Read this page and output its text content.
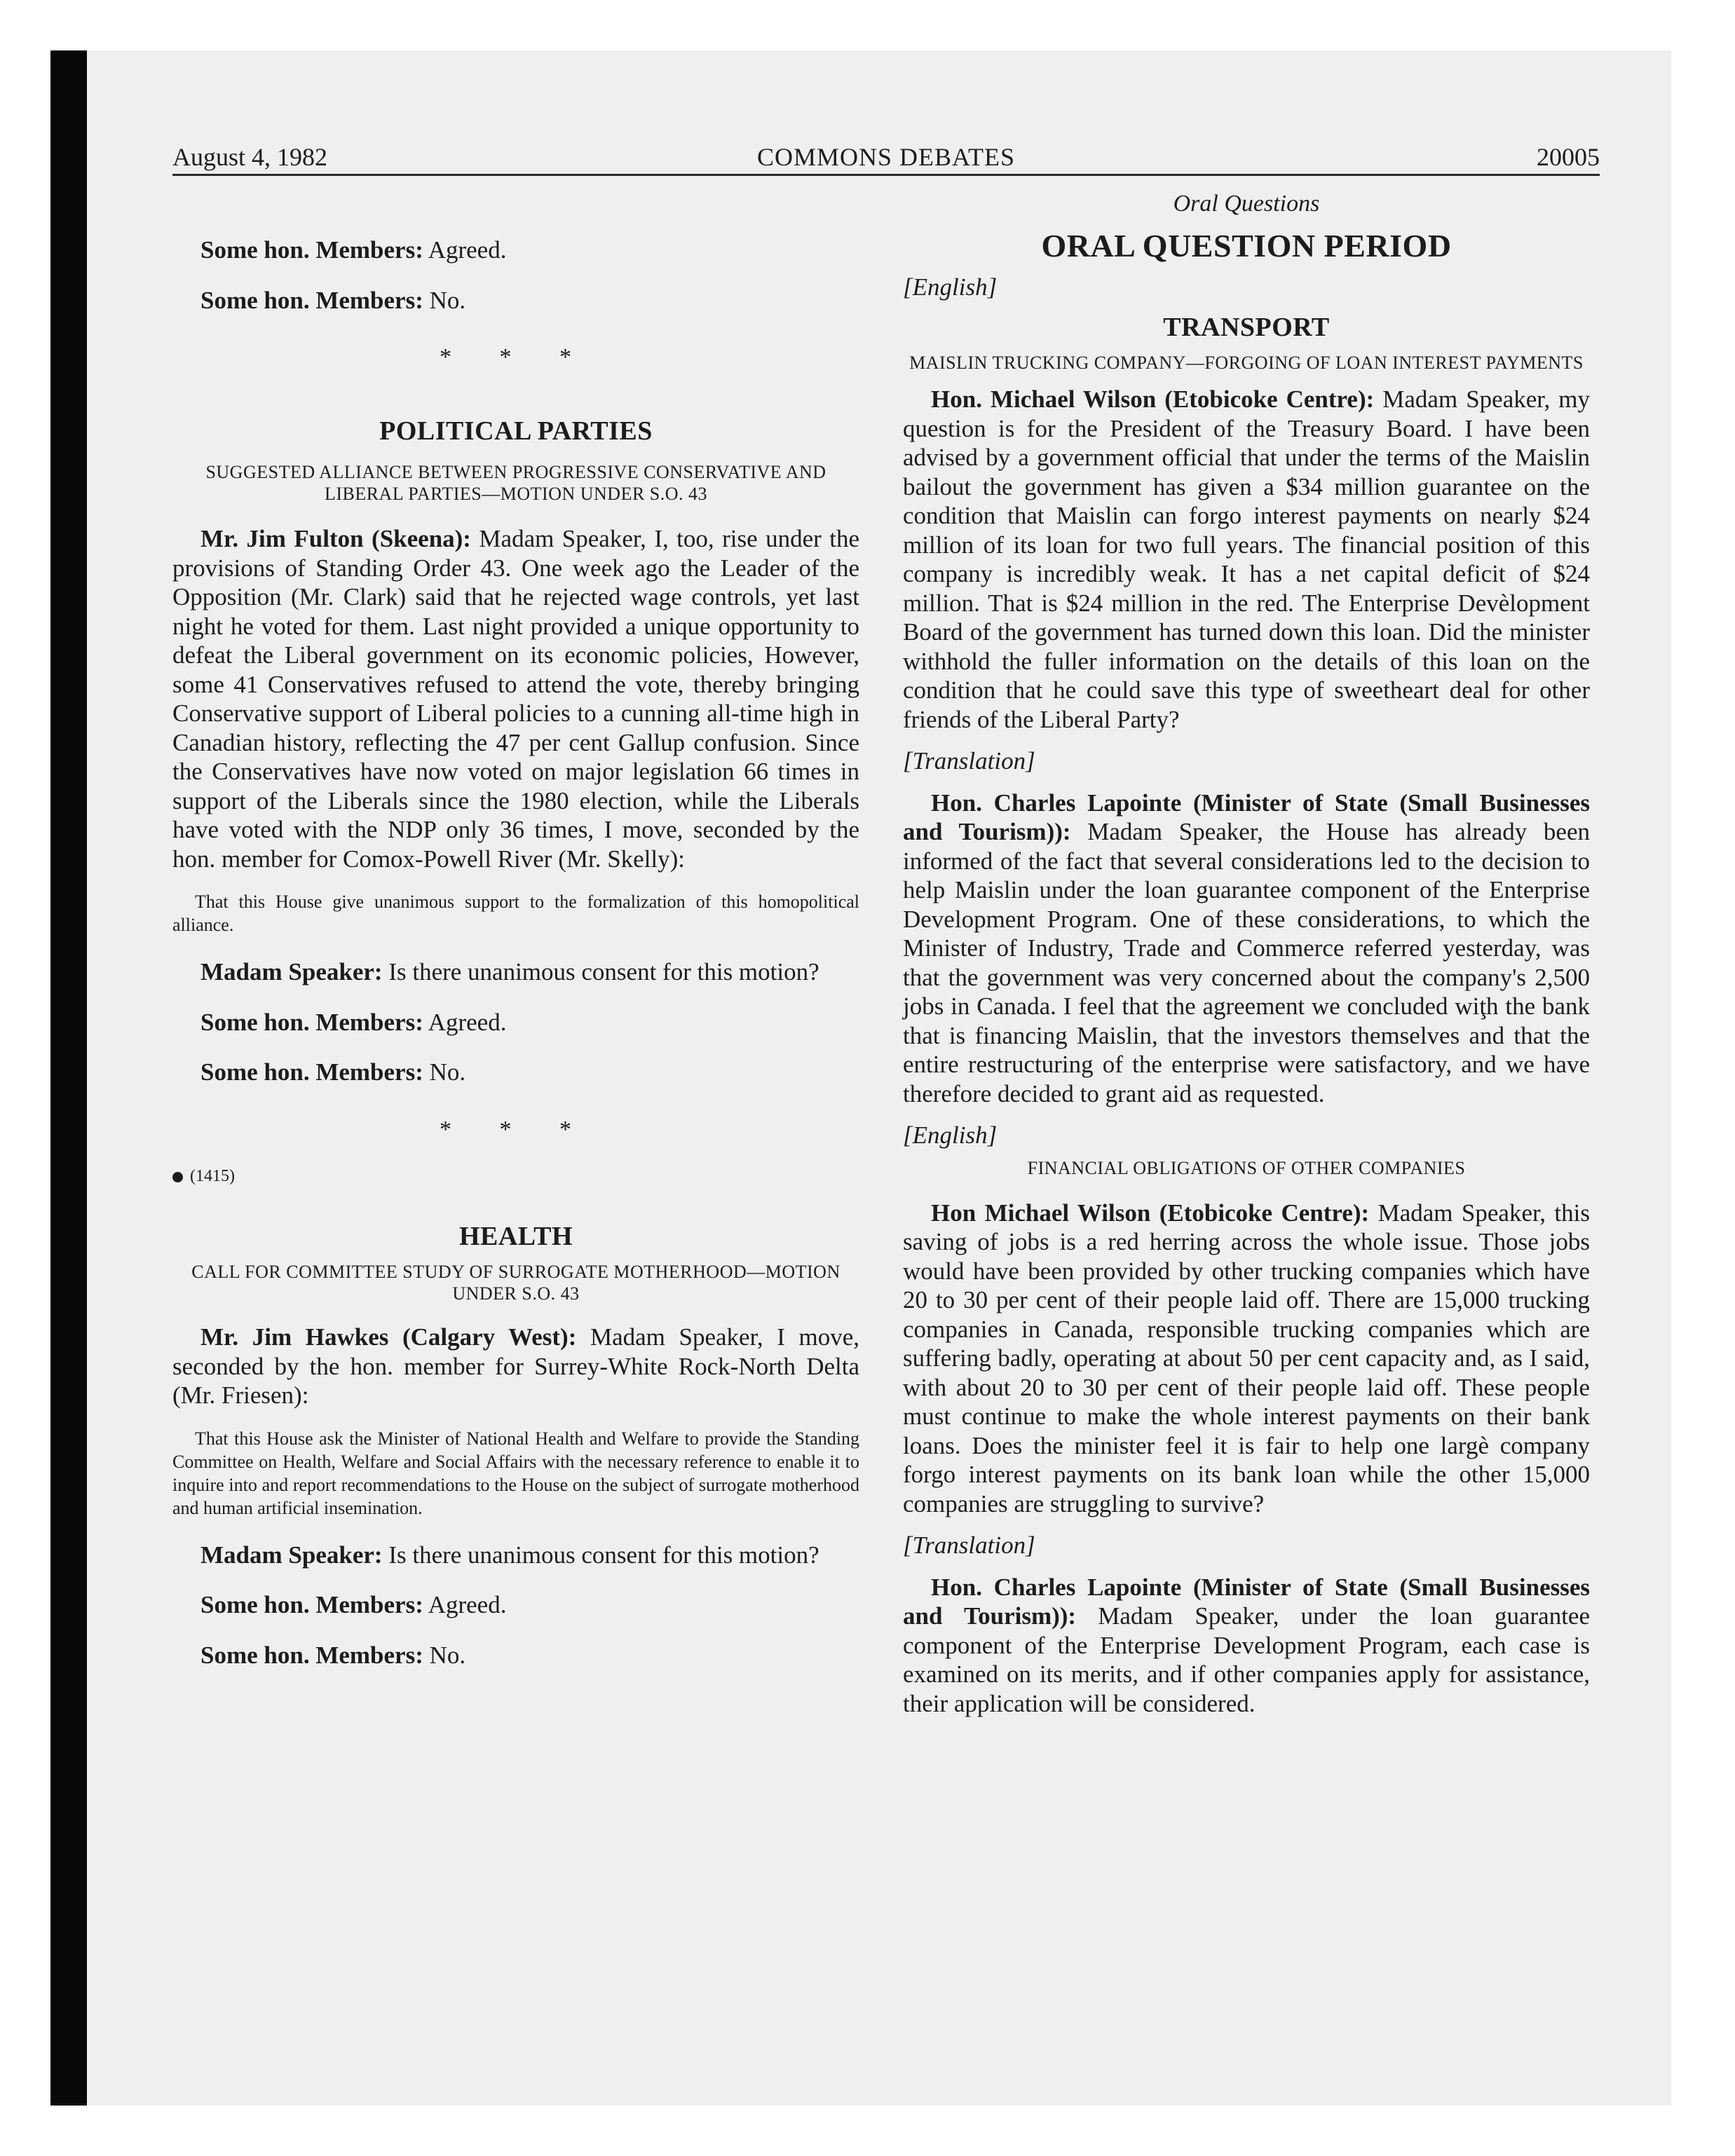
August 4, 1982	COMMONS DEBATES	20005

Some hon. Members: Agreed.

Some hon. Members: No.

* * *
POLITICAL PARTIES
SUGGESTED ALLIANCE BETWEEN PROGRESSIVE CONSERVATIVE AND LIBERAL PARTIES—MOTION UNDER S.O. 43

Mr. Jim Fulton (Skeena): Madam Speaker, I, too, rise under the provisions of Standing Order 43. One week ago the Leader of the Opposition (Mr. Clark) said that he rejected wage controls, yet last night he voted for them. Last night provided a unique opportunity to defeat the Liberal government on its economic policies, However, some 41 Conservatives refused to attend the vote, thereby bringing Conservative support of Liberal policies to a cunning all-time high in Canadian history, reflecting the 47 per cent Gallup confusion. Since the Conservatives have now voted on major legislation 66 times in support of the Liberals since the 1980 election, while the Liberals have voted with the NDP only 36 times, I move, seconded by the hon. member for Comox-Powell River (Mr. Skelly):

That this House give unanimous support to the formalization of this homopolitical alliance.

Madam Speaker: Is there unanimous consent for this motion?

Some hon. Members: Agreed.

Some hon. Members: No.

* * *
(1415)
HEALTH
CALL FOR COMMITTEE STUDY OF SURROGATE MOTHERHOOD—MOTION UNDER S.O. 43

Mr. Jim Hawkes (Calgary West): Madam Speaker, I move, seconded by the hon. member for Surrey-White Rock-North Delta (Mr. Friesen):

That this House ask the Minister of National Health and Welfare to provide the Standing Committee on Health, Welfare and Social Affairs with the necessary reference to enable it to inquire into and report recommendations to the House on the subject of surrogate motherhood and human artificial insemination.

Madam Speaker: Is there unanimous consent for this motion?

Some hon. Members: Agreed.

Some hon. Members: No.

Oral Questions
ORAL QUESTION PERIOD
[English]
TRANSPORT
MAISLIN TRUCKING COMPANY—FORGOING OF LOAN INTEREST PAYMENTS

Hon. Michael Wilson (Etobicoke Centre): Madam Speaker, my question is for the President of the Treasury Board. I have been advised by a government official that under the terms of the Maislin bailout the government has given a $34 million guarantee on the condition that Maislin can forgo interest payments on nearly $24 million of its loan for two full years. The financial position of this company is incredibly weak. It has a net capital deficit of $24 million. That is $24 million in the red. The Enterprise Devèlopment Board of the government has turned down this loan. Did the minister withhold the fuller information on the details of this loan on the condition that he could save this type of sweetheart deal for other friends of the Liberal Party?

[Translation]

Hon. Charles Lapointe (Minister of State (Small Businesses and Tourism)): Madam Speaker, the House has already been informed of the fact that several considerations led to the decision to help Maislin under the loan guarantee component of the Enterprise Development Program. One of these considerations, to which the Minister of Industry, Trade and Commerce referred yesterday, was that the government was very concerned about the company's 2,500 jobs in Canada. I feel that the agreement we concluded wiţh the bank that is financing Maislin, that the investors themselves and that the entire restructuring of the enterprise were satisfactory, and we have therefore decided to grant aid as requested.

[English]
FINANCIAL OBLIGATIONS OF OTHER COMPANIES

Hon Michael Wilson (Etobicoke Centre): Madam Speaker, this saving of jobs is a red herring across the whole issue. Those jobs would have been provided by other trucking companies which have 20 to 30 per cent of their people laid off. There are 15,000 trucking companies in Canada, responsible trucking companies which are suffering badly, operating at about 50 per cent capacity and, as I said, with about 20 to 30 per cent of their people laid off. These people must continue to make the whole interest payments on their bank loans. Does the minister feel it is fair to help one largè company forgo interest payments on its bank loan while the other 15,000 companies are struggling to survive?

[Translation]

Hon. Charles Lapointe (Minister of State (Small Businesses and Tourism)): Madam Speaker, under the loan guarantee component of the Enterprise Development Program, each case is examined on its merits, and if other companies apply for assistance, their application will be considered.
